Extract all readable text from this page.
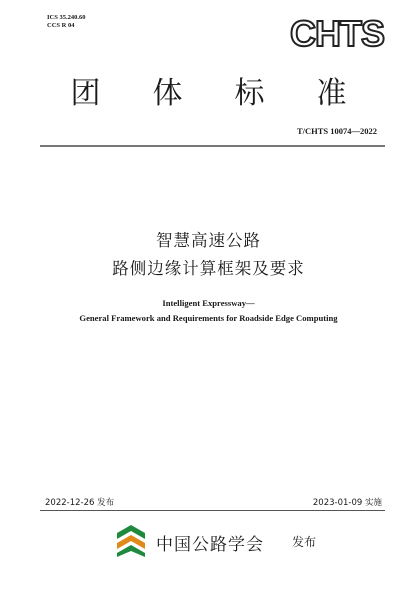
ICS 35.240.60
CCS R 04	CHTS
团 体 标 准
T/CHTS 10074—2022
智慧高速公路
路侧边缘计算框架及要求
Intelligent Expressway—
General Framework and Requirements for Roadside Edge Computing
2022-12-26 发布	2023-01-09 实施
中国公路学会 发布
